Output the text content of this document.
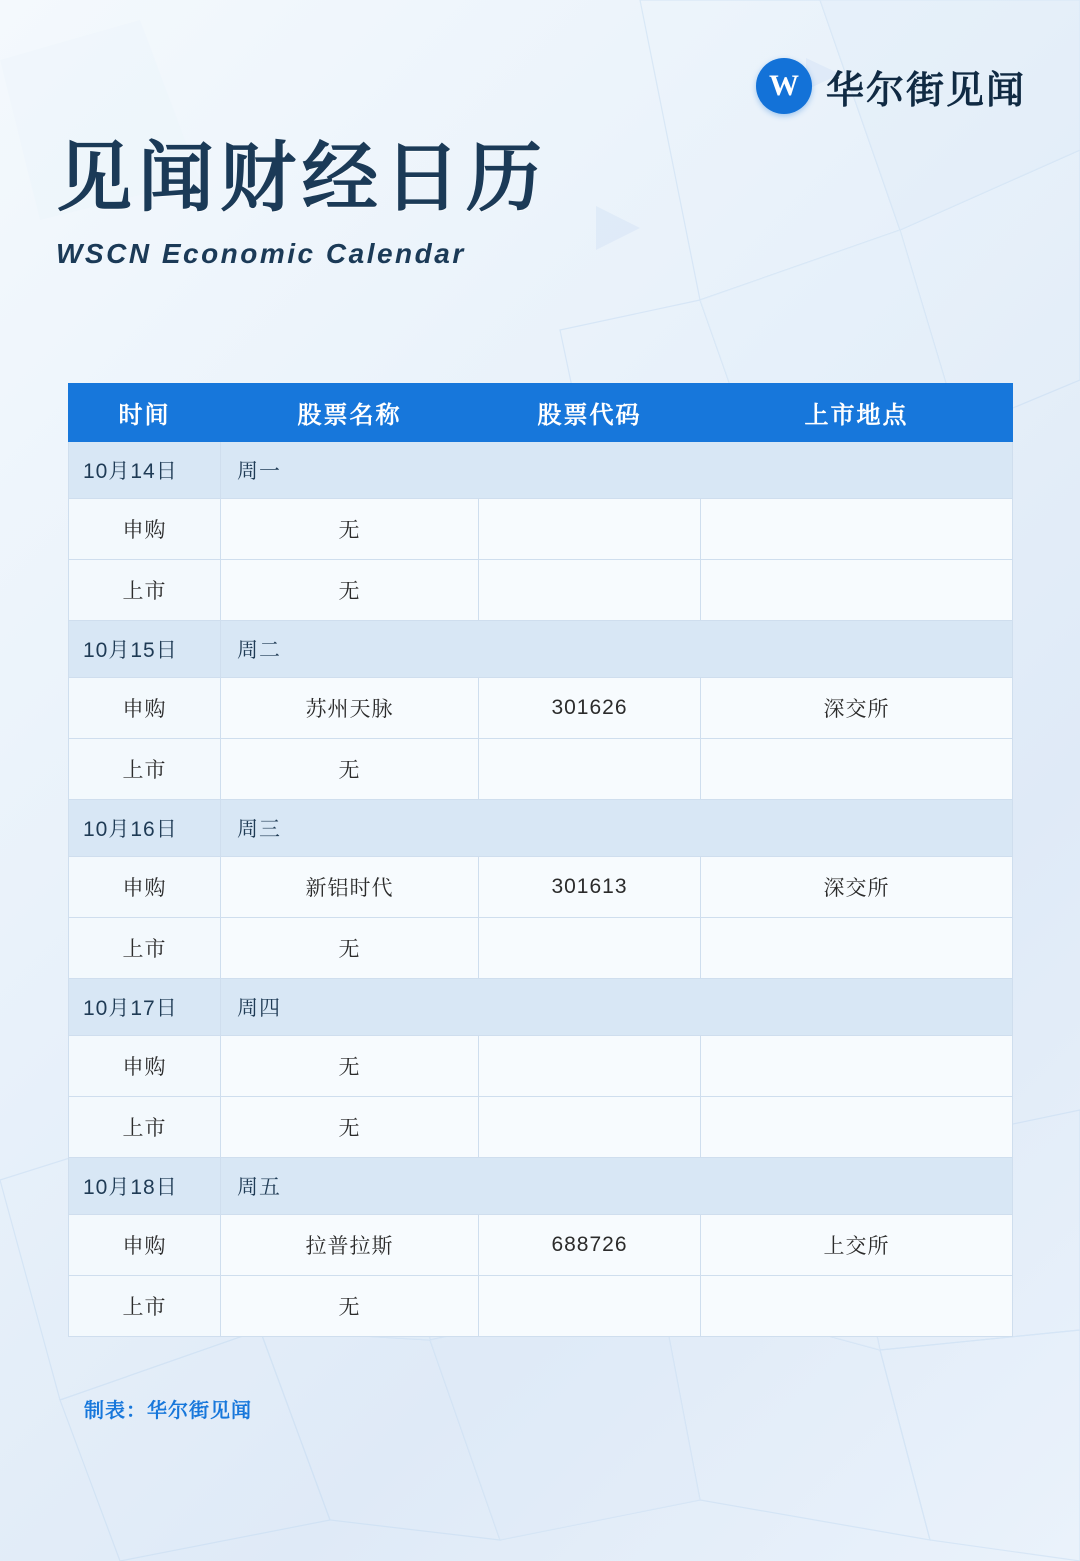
W 华尔街见闻
见闻财经日历
WSCN Economic Calendar
时间	股票名称	股票代码	上市地点
10月14日	周一		
申购	无		
上市	无		
10月15日	周二		
申购	苏州天脉	301626	深交所
上市	无		
10月16日	周三		
申购	新铝时代	301613	深交所
上市	无		
10月17日	周四		
申购	无		
上市	无		
10月18日	周五		
申购	拉普拉斯	688726	上交所
上市	无		
制表：华尔街见闻
